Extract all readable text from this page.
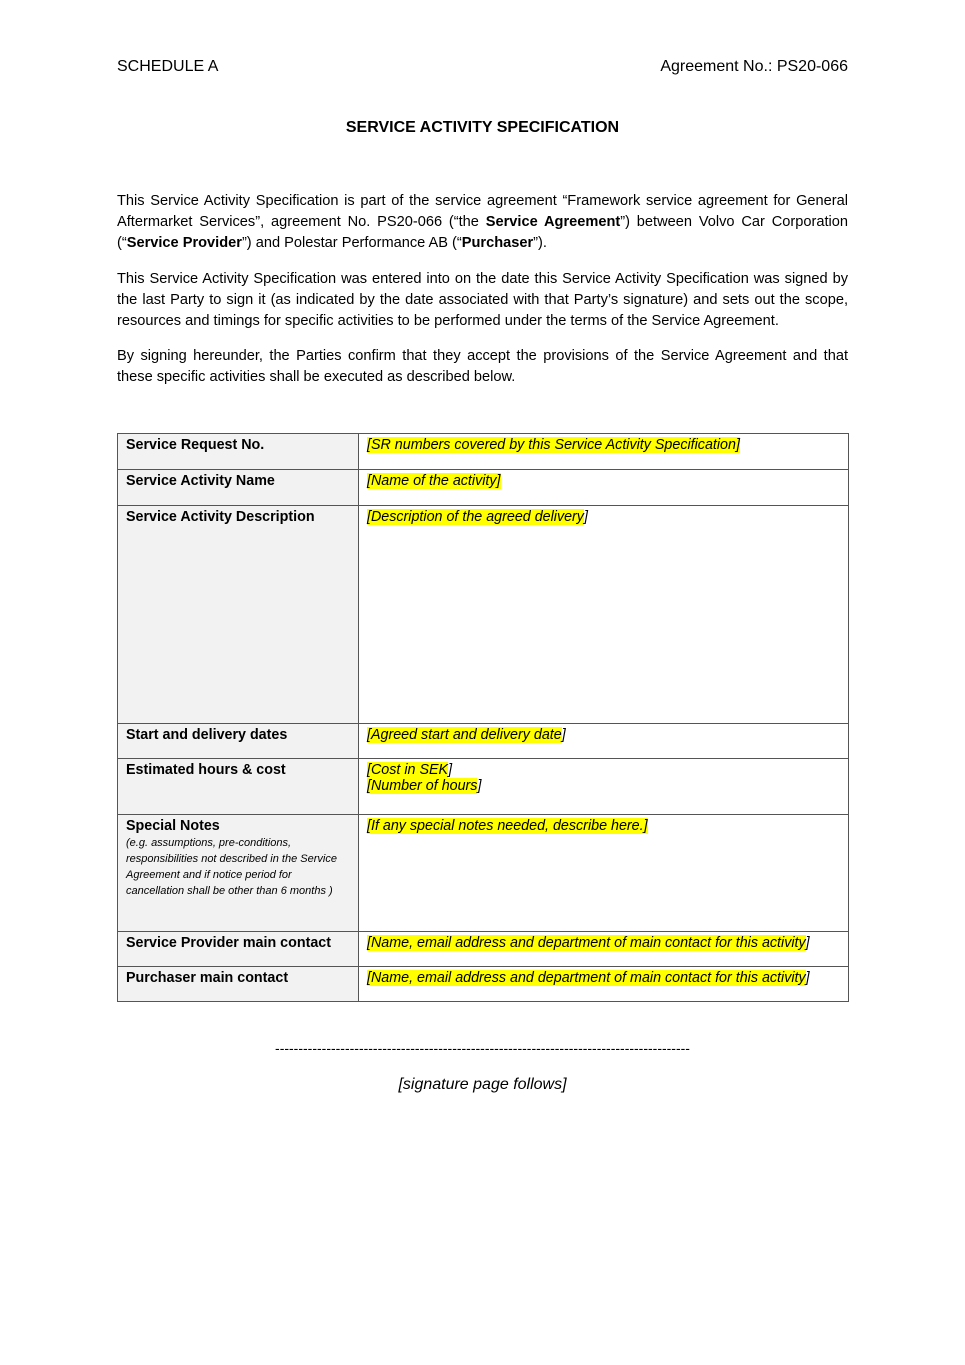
SCHEDULE A	Agreement No.: PS20-066
SERVICE ACTIVITY SPECIFICATION

This Service Activity Specification is part of the service agreement “Framework service agreement for General Aftermarket Services”, agreement No. PS20-066 (“the Service Agreement”) between Volvo Car Corporation (“Service Provider”) and Polestar Performance AB (“Purchaser”).

This Service Activity Specification was entered into on the date this Service Activity Specification was signed by the last Party to sign it (as indicated by the date associated with that Party’s signature) and sets out the scope, resources and timings for specific activities to be performed under the terms of the Service Agreement.

By signing hereunder, the Parties confirm that they accept the provisions of the Service Agreement and that these specific activities shall be executed as described below.

Service Request No.	[SR numbers covered by this Service Activity Specification]
Service Activity Name	[Name of the activity]
Service Activity Description	[Description of the agreed delivery]
Start and delivery dates	[Agreed start and delivery date]
Estimated hours & cost	[Cost in SEK]
[Number of hours]
Special Notes
(e.g. assumptions, pre-conditions, responsibilities not described in the Service Agreement and if notice period for cancellation shall be other than 6 months )	[If any special notes needed, describe here.]
Service Provider main contact	[Name, email address and department of main contact for this activity]
Purchaser main contact	[Name, email address and department of main contact for this activity]
-----------------------------------------------------------------------------------------
[signature page follows]
